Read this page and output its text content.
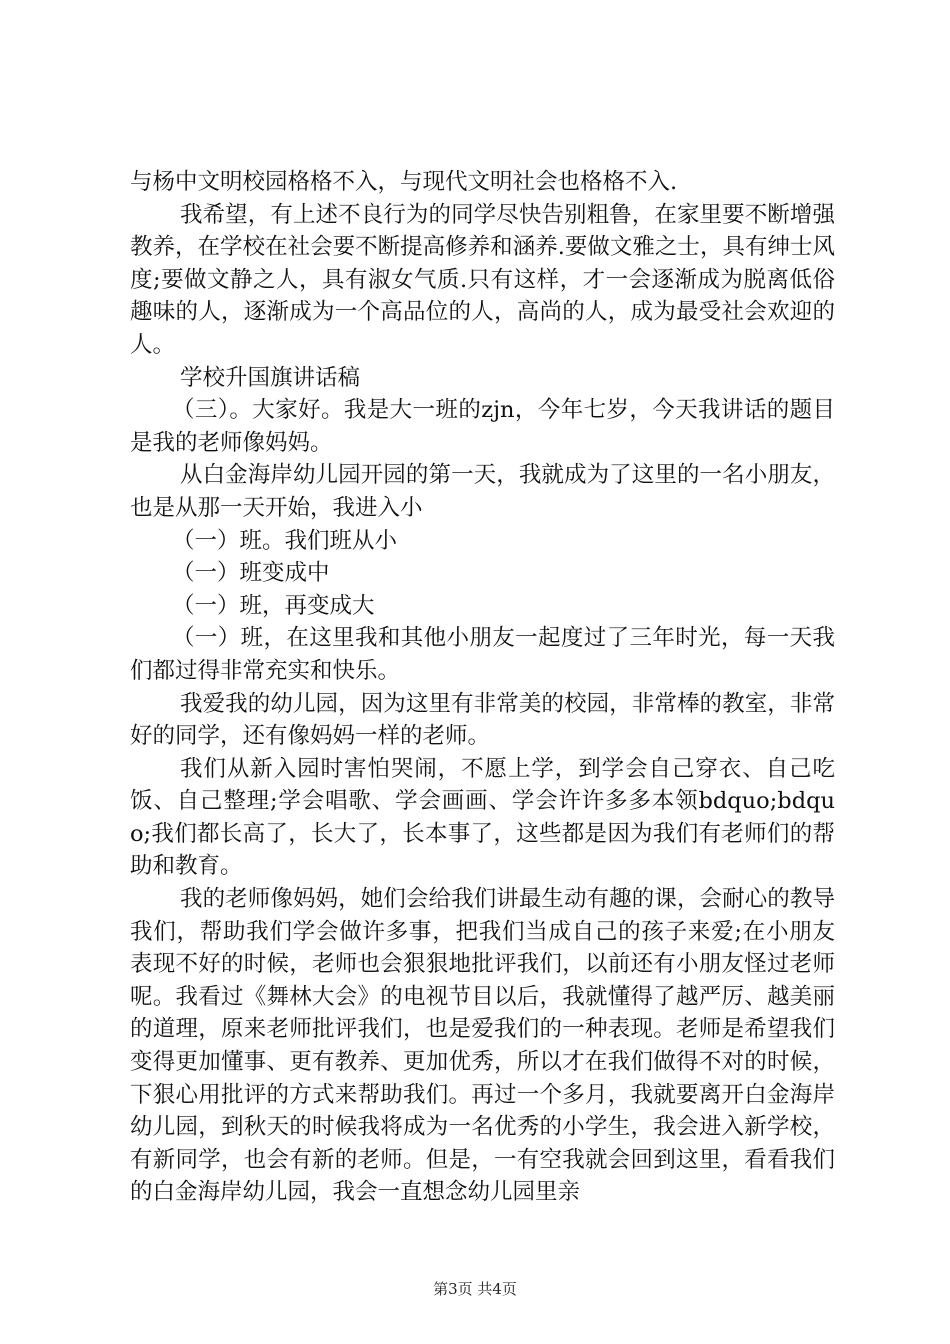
与杨中文明校园格格不入，与现代文明社会也格格不入.

我希望，有上述不良行为的同学尽快告别粗鲁，在家里要不断增强教养，在学校在社会要不断提高修养和涵养.要做文雅之士，具有绅士风度;要做文静之人，具有淑女气质.只有这样，才一会逐渐成为脱离低俗趣味的人，逐渐成为一个高品位的人，高尚的人，成为最受社会欢迎的人。

学校升国旗讲话稿

（三）。大家好。我是大一班的zjn，今年七岁，今天我讲话的题目是我的老师像妈妈。

从白金海岸幼儿园开园的第一天，我就成为了这里的一名小朋友，也是从那一天开始，我进入小

（一）班。我们班从小

（一）班变成中

（一）班，再变成大

（一）班，在这里我和其他小朋友一起度过了三年时光，每一天我们都过得非常充实和快乐。

我爱我的幼儿园，因为这里有非常美的校园，非常棒的教室，非常好的同学，还有像妈妈一样的老师。

我们从新入园时害怕哭闹，不愿上学，到学会自己穿衣、自己吃饭、自己整理;学会唱歌、学会画画、学会许许多多本领bdquo;bdquo;我们都长高了，长大了，长本事了，这些都是因为我们有老师们的帮助和教育。

我的老师像妈妈，她们会给我们讲最生动有趣的课，会耐心的教导我们，帮助我们学会做许多事，把我们当成自己的孩子来爱;在小朋友表现不好的时候，老师也会狠狠地批评我们，以前还有小朋友怪过老师呢。我看过《舞林大会》的电视节目以后，我就懂得了越严厉、越美丽的道理，原来老师批评我们，也是爱我们的一种表现。老师是希望我们变得更加懂事、更有教养、更加优秀，所以才在我们做得不对的时候，下狠心用批评的方式来帮助我们。再过一个多月，我就要离开白金海岸幼儿园，到秋天的时候我将成为一名优秀的小学生，我会进入新学校，有新同学，也会有新的老师。但是，一有空我就会回到这里，看看我们的白金海岸幼儿园，我会一直想念幼儿园里亲

第3页 共4页
